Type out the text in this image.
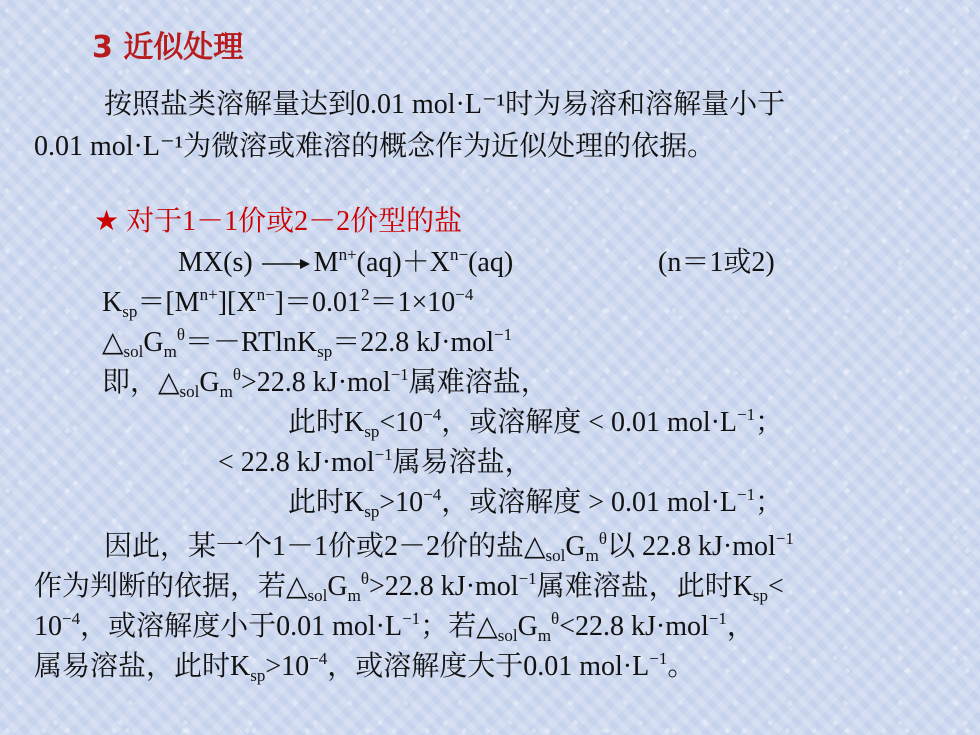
3 近似处理
按照盐类溶解量达到0.01 mol·L⁻¹时为易溶和溶解量小于
0.01 mol·L⁻¹为微溶或难溶的概念作为近似处理的依据。
★ 对于1－1价或2－2价型的盐
$MX(s) \to M^{n+}(aq)+X^{n-}(aq)$	(n＝1或2)
$K_{sp}=[M^{n+}][X^{n-}]=0.01^2=1\times 10^{-4}$
$\triangle_{sol}G_m^\theta=-RTlnK_{sp}=22.8$ kJ·mol$^{-1}$
即，$\triangle_{sol}G_m^\theta>22.8$ kJ·mol$^{-1}$属难溶盐，
此时$K_{sp}<10^{-4}$，或溶解度 < 0.01 $mol\cdot L^{-1}$；
< 22.8 kJ·mol$^{-1}$属易溶盐，
此时$K_{sp}>10^{-4}$，或溶解度 > 0.01 $mol\cdot L^{-1}$；
因此，某一个1－1价或2－2价的盐$\triangle_{sol}G_m^\theta$以 22.8 kJ·mol$^{-1}$
作为判断的依据，若$\triangle_{sol}G_m^\theta>22.8$ kJ·mol$^{-1}$属难溶盐，此时$K_{sp}<$
$10^{-4}$，或溶解度小于0.01 $mol\cdot L^{-1}$；若$\triangle_{sol}G_m^\theta<22.8$ kJ·mol$^{-1}$，
属易溶盐，此时$K_{sp}>10^{-4}$，或溶解度大于0.01 $mol\cdot L^{-1}$。
